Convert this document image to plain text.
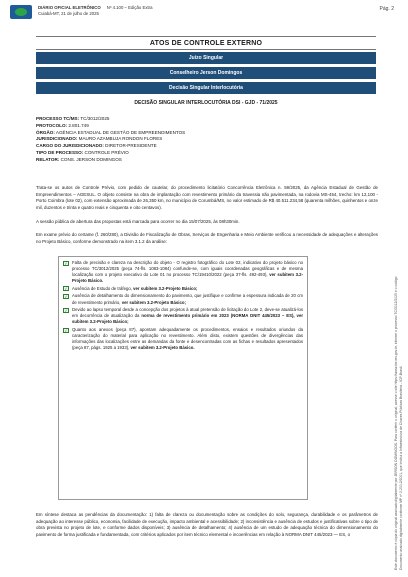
DIÁRIO OFICIAL ELETRÔNICO Nº 4.100 – Edição Extra
Cuiabá-MT, 21 de julho de 2025
Pág. 2
ATOS DE CONTROLE EXTERNO
Juízo Singular
Conselheiro Jerson Domingos
Decisão Singular Interlocutória
DECISÃO SINGULAR INTERLOCUTÓRIA DSI - GJD - 71/2025
PROCESSO TC/MS: TC/3012/2025
PROTOCOLO: 2.801.749
ÓRGÃO: AGÊNCIA ESTADUAL DE GESTÃO DE EMPREENDIMENTOS
JURISDICIONADO: MAURO AZAMBUJA RONDON FLORES
CARGO DO JURISDICIONADO: DIRETOR-PRESIDENTE
TIPO DE PROCESSO: CONTROLE PRÉVIO
RELATOR: CONS. JERSON DOMINGOS

Trata-se os autos de Controle Prévio, com pedido de cautelar, do procedimento licitatório Concorrência Eletrônica n. 59/2025, da Agência Estadual de Gestão de Empreendimentos – AGESUL. O objeto consiste na obra de implantação com revestimento primário da travessia não pavimentada, na rodovia MS-454, trecho: km 12,100 - Porto Coimbra (lote 02), com extensão aproximada de 26,350 km, no município de Corumbá/MS, no valor estimado de R$ 40.511.234,58 (quarenta milhões, quinhentos e onze mil, duzentos e trinta e quatro reais e cinquenta e oito centavos).

A sessão pública de abertura das propostas está marcada para ocorrer no dia 15/07/2025, às 08h30min.

Em exame prévio do certame (f. 260/280), a Divisão de Fiscalização de Obras, Serviços de Engenharia e Meio Ambiente verificou a necessidade de adequações e alterações no Projeto Básico, conforme demonstrado na item 3.1.2 da análise:

✓	Falta de precisão e clareza na descrição do objeto - O registro fotográfico do Lote 02, indicativo do projeto básico no processo TC/3012/2025 (peça 74-fls. 1083-1084) confunde-se, com iguais coordenadas geográficas e de mesma localização com o projeto executivo do Lote 01 no processo TC/19410/2022 (peça 37-fls. 492-493), ver subitem 3.2-Projeto Básico.
✓	Ausência de Estudo de tráfego, ver subitem 3.2-Projeto Básico;
✓	Ausência de detalhamento do dimensionamento do pavimento, que justifique e confirme a espessura indicada de 20 cm de revestimento primário, ver subitem 3.2-Projeto Básico;
✓	Devido ao lapso temporal desde a concepção dos projetos à atual pretensão de licitação do Lote 2, deve-se atualizá-los em decorrência de atualização da norma de revestimento primário em 2023 (NORMA DNIT 445/2023 – ES), ver subitem 3.2-Projeto Básico;
✓	Quanto aos anexos (peça 87), apontam adequadamente os procedimentos, ensaios e resultados oriundos da caracterização do material para aplicação no revestimento. Além disto, existem questões de divergências das informações das localizações entre as demandas da fonte e desencontradas com as fichas e resultados apresentados (peça 87, págs. 1925 a 1933), ver subitem 3.2-Projeto Básico.

Em síntese destaca as pendências da documentação: 1) falta de clareza ou documentação sobre as condições do solo, segurança, durabilidade e os parâmetros de adequação ao interesse público, economia, facilidade de execução, impacto ambiental e acessibilidade; 2) inconsistência e ausência de estudos e justificativas sobre o tipo de obra prevista no projeto de lote, e conforme dados disponíveis; 3) ausência de detalhamento; 4) ausência de um estudo de adequação técnica do dimensionamento do pavimento de forma justificada e fundamentada, com critérios aplicados por item técnico elemental e incoerências em relação à NORMA DNIT 445/2023 — ES, o	Este documento é cópia do original assinado digitalmente por JERSON DOMINGOS. Para conferir o original, acesse o site https://www.tce.ms.gov.br, informe o processo TC/3012/2025 e o código Documento assinado digitalmente conforme MP nº 2.200-2/2001, que institui a Infraestrutura de Chaves Públicas Brasileira - ICP-Brasil.
